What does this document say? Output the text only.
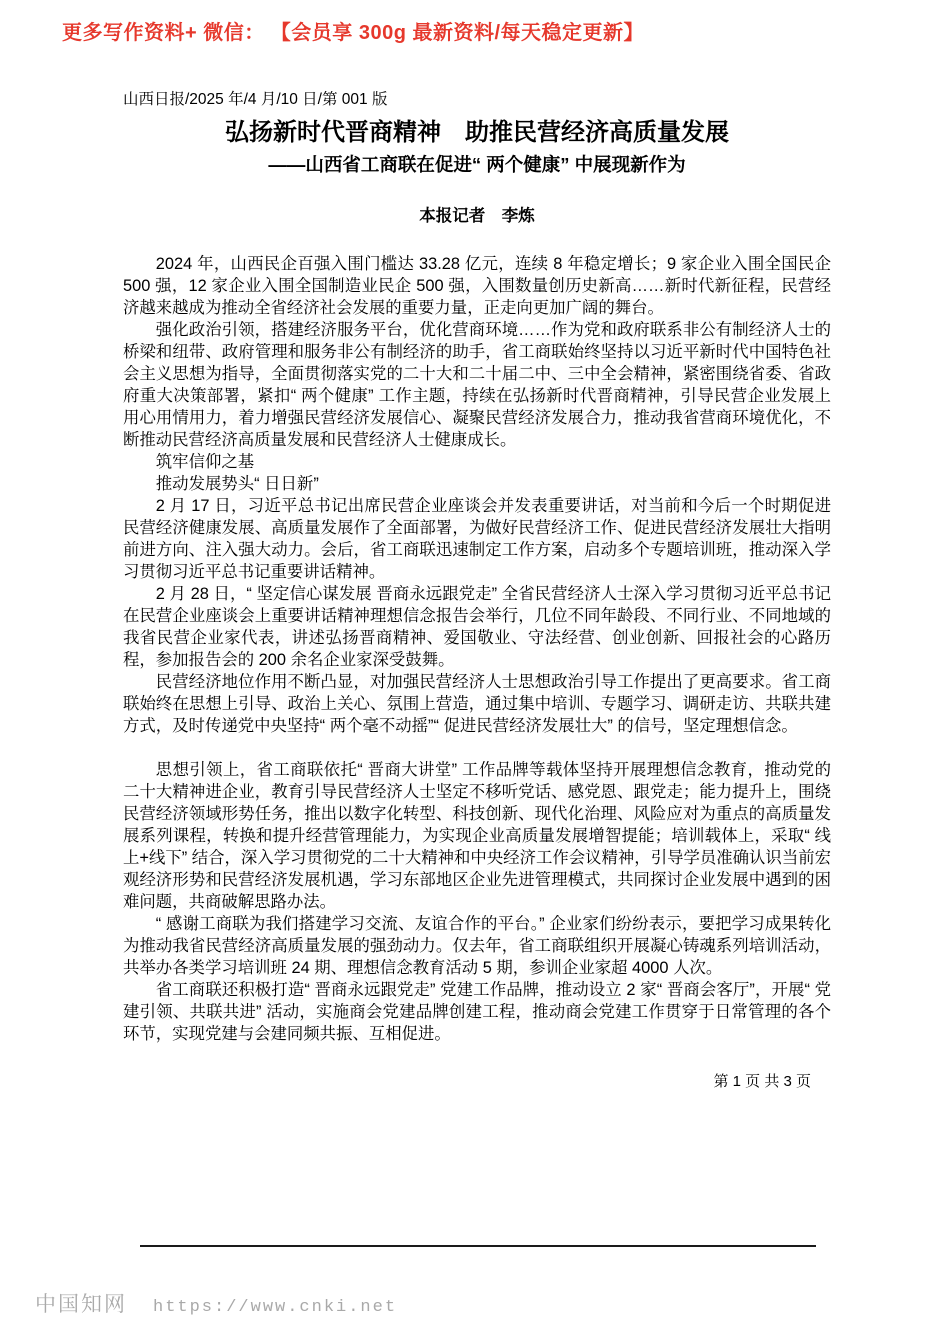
更多写作资料+ 微信： 【会员享 300g 最新资料/每天稳定更新】
山西日报/2025 年/4 月/10 日/第 001 版
弘扬新时代晋商精神　助推民营经济高质量发展
——山西省工商联在促进“ 两个健康” 中展现新作为
本报记者　李炼

2024 年，山西民企百强入围门槛达 33.28 亿元，连续 8 年稳定增长；9 家企业入围全国民企 500 强，12 家企业入围全国制造业民企 500 强，入围数量创历史新高……新时代新征程，民营经济越来越成为推动全省经济社会发展的重要力量，正走向更加广阔的舞台。

强化政治引领，搭建经济服务平台，优化营商环境……作为党和政府联系非公有制经济人士的桥梁和纽带、政府管理和服务非公有制经济的助手，省工商联始终坚持以习近平新时代中国特色社会主义思想为指导，全面贯彻落实党的二十大和二十届二中、三中全会精神，紧密围绕省委、省政府重大决策部署，紧扣“ 两个健康” 工作主题，持续在弘扬新时代晋商精神，引导民营企业发展上用心用情用力，着力增强民营经济发展信心、凝聚民营经济发展合力，推动我省营商环境优化，不断推动民营经济高质量发展和民营经济人士健康成长。

筑牢信仰之基

推动发展势头“ 日日新”

2 月 17 日，习近平总书记出席民营企业座谈会并发表重要讲话，对当前和今后一个时期促进民营经济健康发展、高质量发展作了全面部署，为做好民营经济工作、促进民营经济发展壮大指明前进方向、注入强大动力。会后，省工商联迅速制定工作方案，启动多个专题培训班，推动深入学习贯彻习近平总书记重要讲话精神。

2 月 28 日，“ 坚定信心谋发展 晋商永远跟党走” 全省民营经济人士深入学习贯彻习近平总书记在民营企业座谈会上重要讲话精神理想信念报告会举行，几位不同年龄段、不同行业、不同地域的我省民营企业家代表，讲述弘扬晋商精神、爱国敬业、守法经营、创业创新、回报社会的心路历程，参加报告会的 200 余名企业家深受鼓舞。

民营经济地位作用不断凸显，对加强民营经济人士思想政治引导工作提出了更高要求。省工商联始终在思想上引导、政治上关心、氛围上营造，通过集中培训、专题学习、调研走访、共联共建方式，及时传递党中央坚持“ 两个毫不动摇”“ 促进民营经济发展壮大” 的信号，坚定理想信念。

思想引领上，省工商联依托“ 晋商大讲堂” 工作品牌等载体坚持开展理想信念教育，推动党的二十大精神进企业，教育引导民营经济人士坚定不移听党话、感党恩、跟党走；能力提升上，围绕民营经济领域形势任务，推出以数字化转型、科技创新、现代化治理、风险应对为重点的高质量发展系列课程，转换和提升经营管理能力，为实现企业高质量发展增智提能；培训载体上，采取“ 线上+线下” 结合，深入学习贯彻党的二十大精神和中央经济工作会议精神，引导学员准确认识当前宏观经济形势和民营经济发展机遇，学习东部地区企业先进管理模式，共同探讨企业发展中遇到的困难问题，共商破解思路办法。

“ 感谢工商联为我们搭建学习交流、友谊合作的平台。” 企业家们纷纷表示，要把学习成果转化为推动我省民营经济高质量发展的强劲动力。仅去年，省工商联组织开展凝心铸魂系列培训活动，共举办各类学习培训班 24 期、理想信念教育活动 5 期，参训企业家超 4000 人次。

省工商联还积极打造“ 晋商永远跟党走” 党建工作品牌，推动设立 2 家“ 晋商会客厅”，开展“ 党建引领、共联共进” 活动，实施商会党建品牌创建工程，推动商会党建工作贯穿于日常管理的各个环节，实现党建与会建同频共振、互相促进。

第 1 页 共 3 页
中国知网 https://www.cnki.net
